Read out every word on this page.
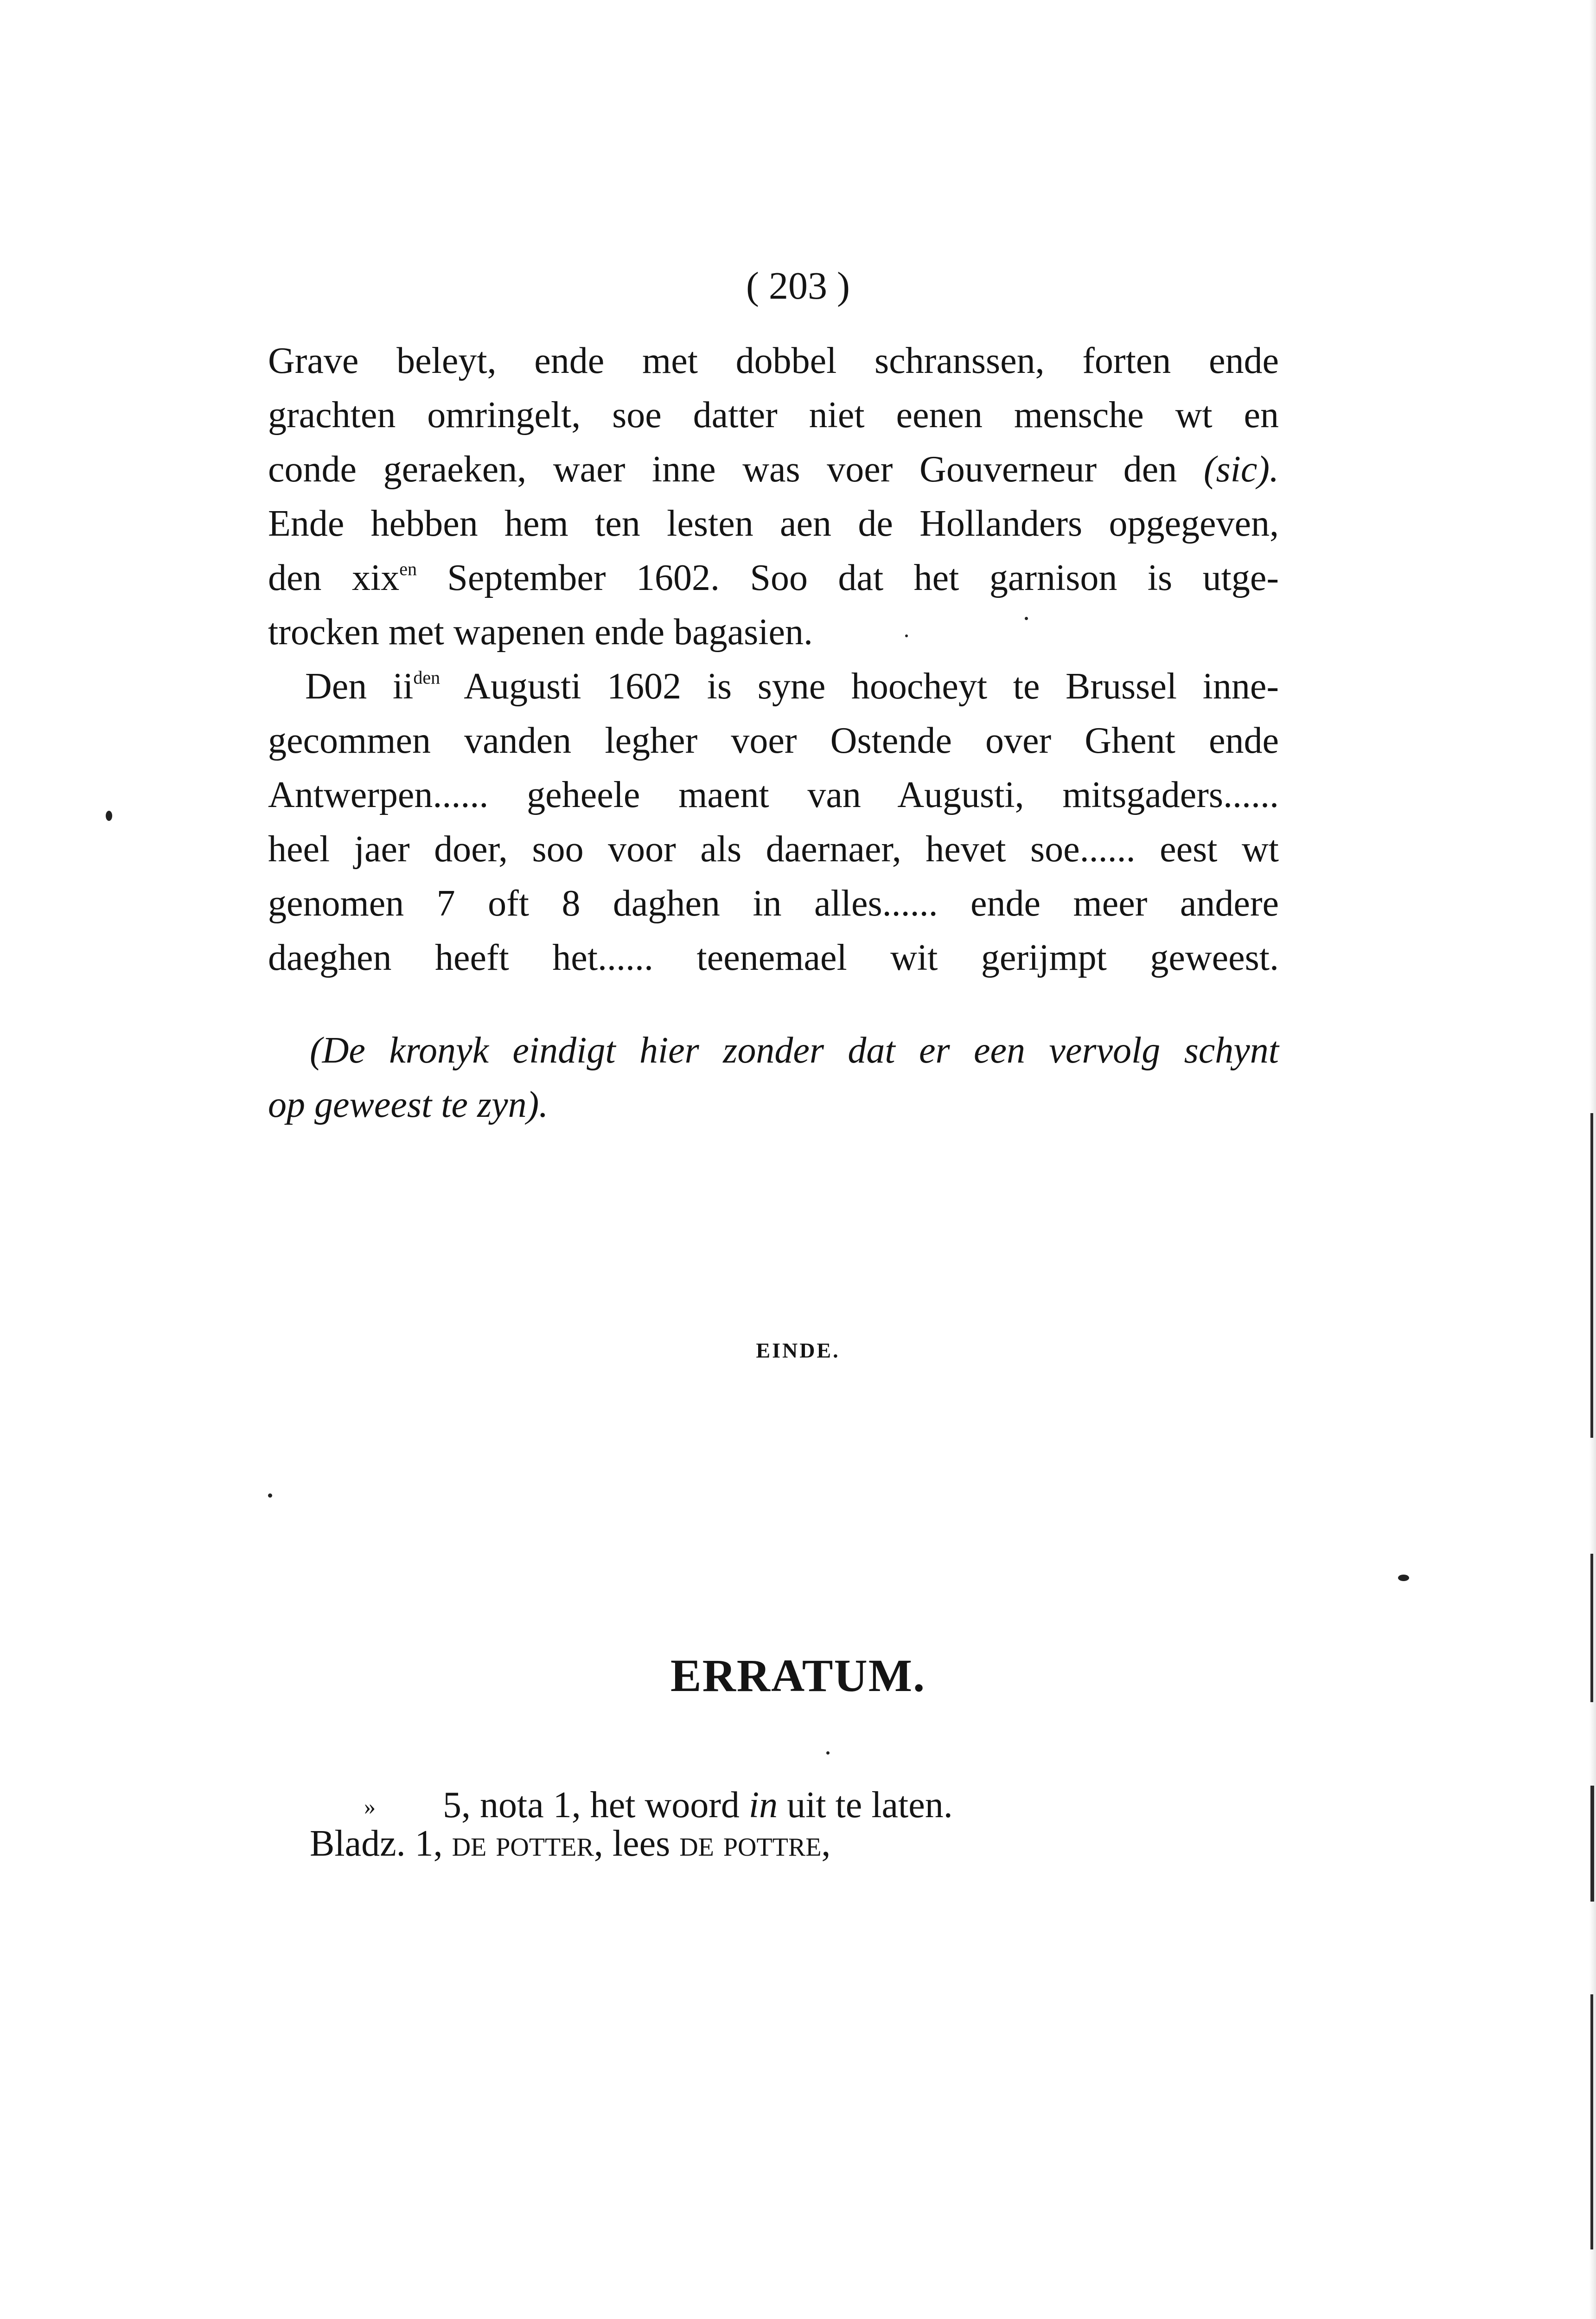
( 203 )
Grave beleyt, ende met dobbel schranssen, forten ende
grachten omringelt, soe datter niet eenen mensche wt en
conde geraeken, waer inne was voer Gouverneur den (sic).
Ende hebben hem ten lesten aen de Hollanders opgegeven,
den xix$^{en}$ September 1602. Soo dat het garnison is utge-
trocken met wapenen ende bagasien.
Den $ii^{den}$ Augusti 1602 is syne hoocheyt te Brussel inne-
gecommen vanden legher voer Ostende over Ghent ende
Antwerpen...... geheele maent van Augusti, mitsgaders......
heel jaer doer, soo voor als daernaer, hevet soe...... eest wt
genomen 7 oft 8 daghen in alles...... ende meer andere
daeghen heeft het...... teenemael wit gerijmpt geweest.
(De kronyk eindigt hier zonder dat er een vervolg schynt
op geweest te zyn).
EINDE.
ERRATUM.
Bladz. 1, de potter, lees de pottre,
» 5, nota 1, het woord in uit te laten.
